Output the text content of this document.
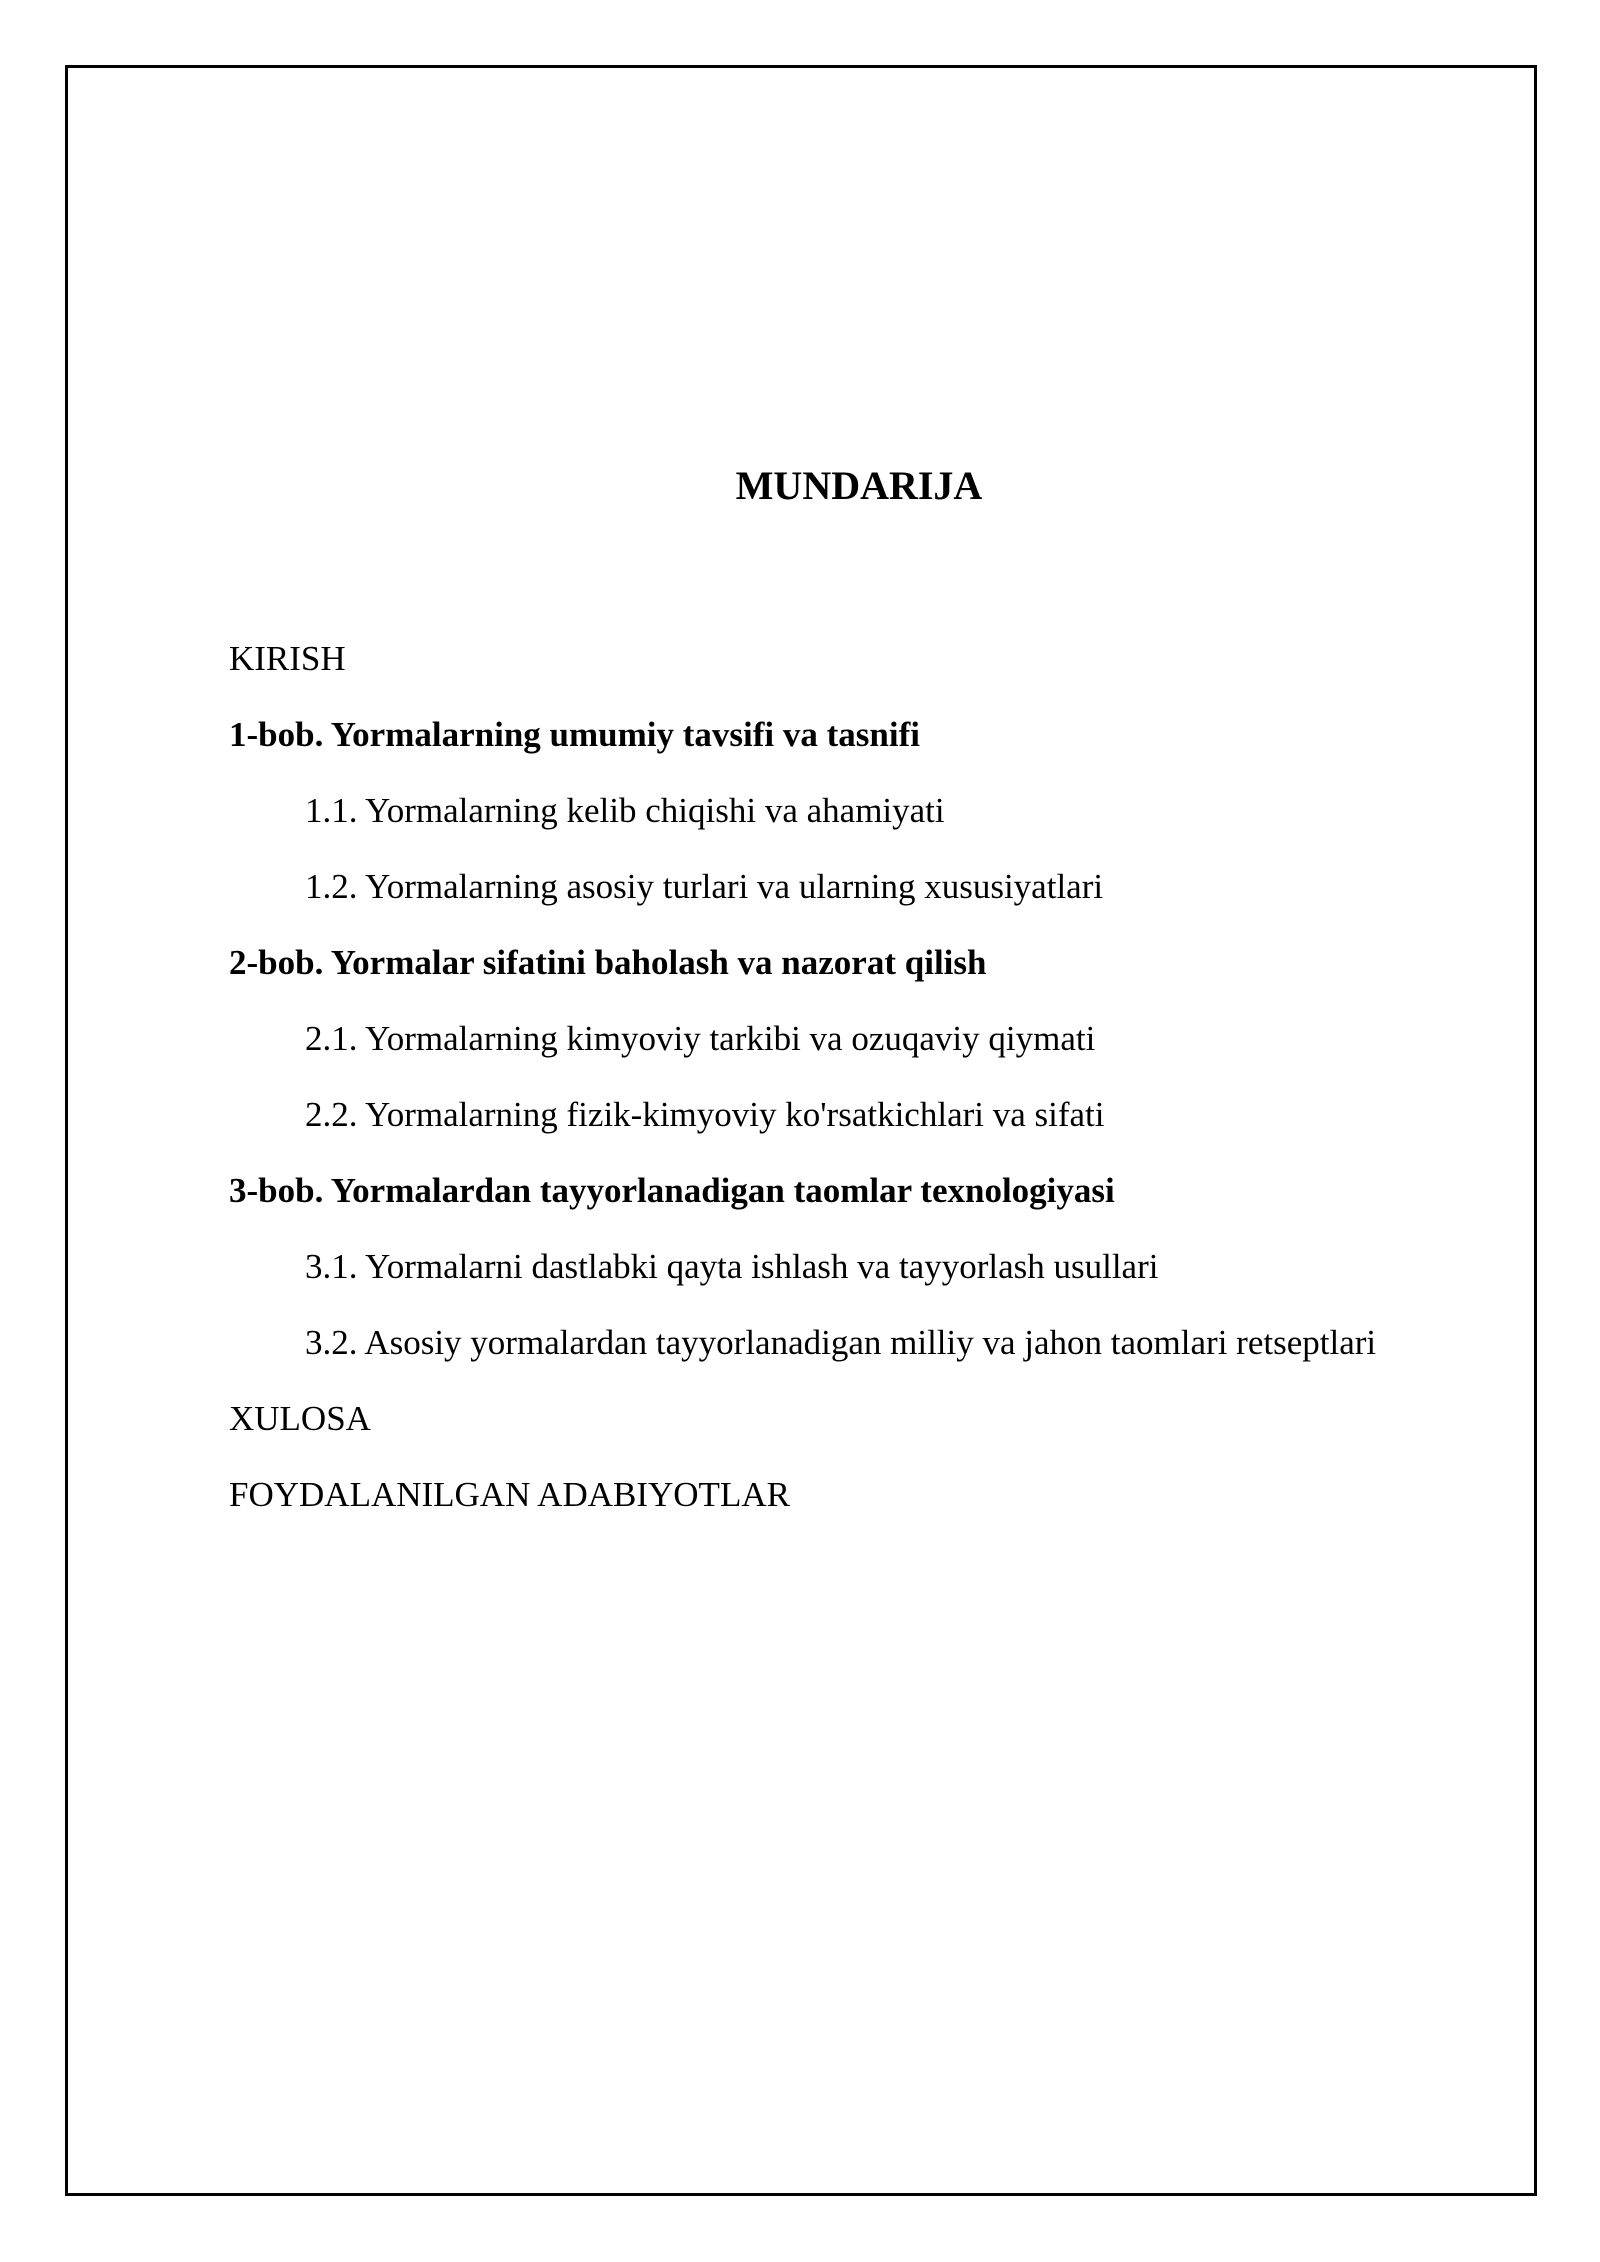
MUNDARIJA
KIRISH
1-bob. Yormalarning umumiy tavsifi va tasnifi
1.1. Yormalarning kelib chiqishi va ahamiyati
1.2. Yormalarning asosiy turlari va ularning xususiyatlari
2-bob. Yormalar sifatini baholash va nazorat qilish
2.1. Yormalarning kimyoviy tarkibi va ozuqaviy qiymati
2.2. Yormalarning fizik-kimyoviy ko'rsatkichlari va sifati
3-bob. Yormalardan tayyorlanadigan taomlar texnologiyasi
3.1. Yormalarni dastlabki qayta ishlash va tayyorlash usullari
3.2. Asosiy yormalardan tayyorlanadigan milliy va jahon taomlari retseptlari
XULOSA
FOYDALANILGAN ADABIYOTLAR
